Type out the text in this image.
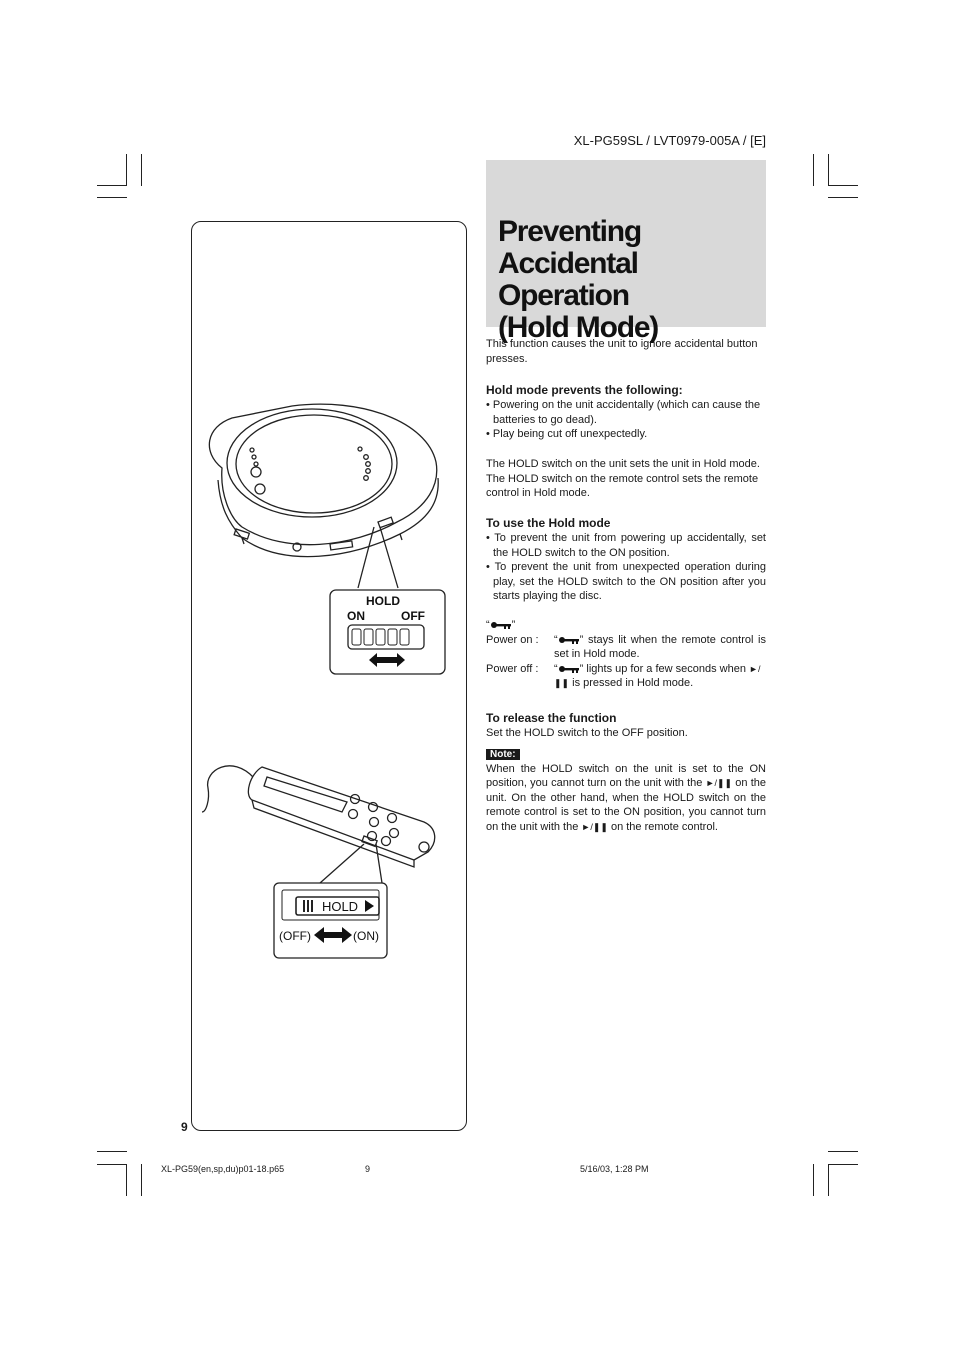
XL-PG59SL / LVT0979-005A / [E]
Preventing Accidental
Operation
(Hold Mode)
HOLD
ON	OFF
HOLD
(OFF)	(ON)
9

This function causes the unit to ignore accidental button presses.

Hold mode prevents the following:

• Powering on the unit accidentally (which can cause the batteries to go dead).

• Play being cut off unexpectedly.

The HOLD switch on the unit sets the unit in Hold mode. The HOLD switch on the remote control sets the remote control in Hold mode.

To use the Hold mode

• To prevent the unit from powering up accidentally, set the HOLD switch to the ON position.

• To prevent the unit from unexpected operation during play, set the HOLD switch to the ON position after you starts playing the disc.

“ ”

Power on :	“ ” stays lit when the remote control is set in Hold mode.
Power off :	“ ” lights up for a few seconds when ►/❚❚ is pressed in Hold mode.
To release the function

Set the HOLD switch to the OFF position.

Note:

When the HOLD switch on the unit is set to the ON position, you cannot turn on the unit with the ►/❚❚ on the unit. On the other hand, when the HOLD switch on the remote control is set to the ON position, you cannot turn on the unit with the ►/❚❚ on the remote control.

XL-PG59(en,sp,du)p01-18.p65	9	5/16/03, 1:28 PM
